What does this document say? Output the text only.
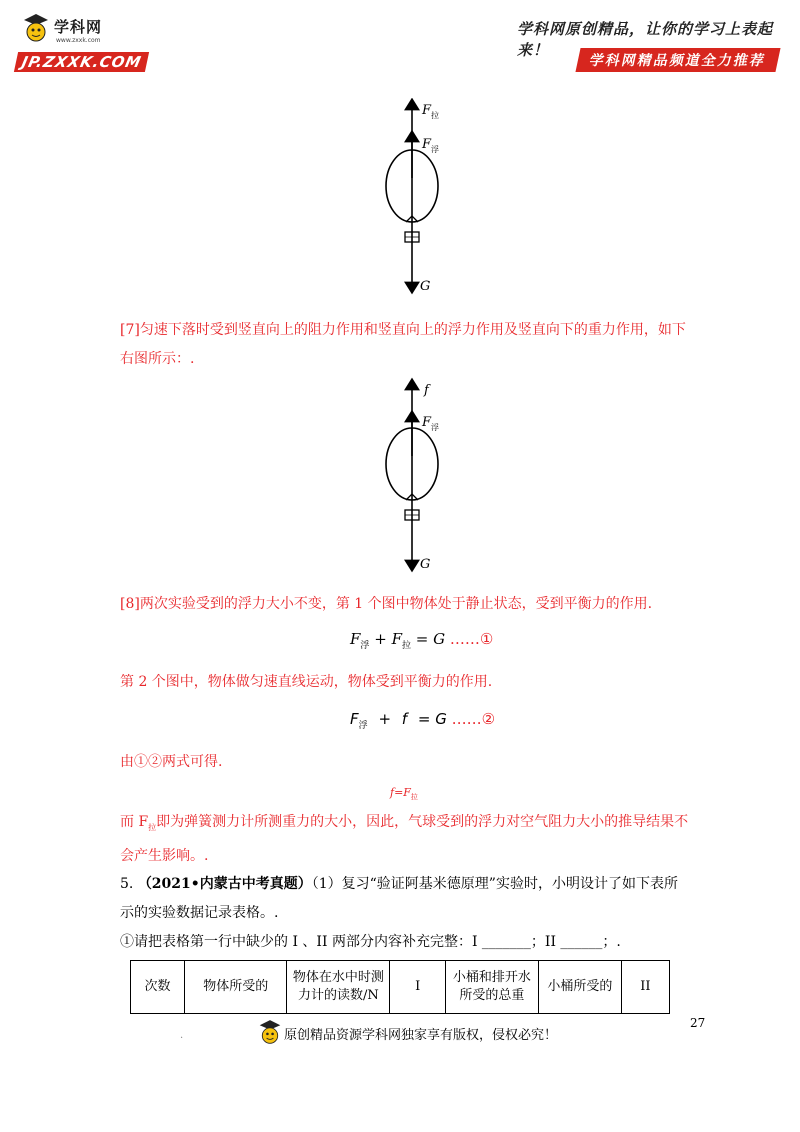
学科网
www.zxxk.com
JP.ZXXK.COM
学科网原创精品，让你的学习上表起来！
学科网精品频道全力推荐
F 拉
F 浮
G
[7]匀速下落时受到竖直向上的阻力作用和竖直向上的浮力作用及竖直向下的重力作用，如下右图所示：.
f
F 浮
G
[8]两次实验受到的浮力大小不变，第 1 个图中物体处于静止状态，受到平衡力的作用.
$F_浮 + F_拉 = G$ ……①
第 2 个图中，物体做匀速直线运动，物体受到平衡力的作用.
$F_浮 + f = G$ ……②
由①②两式可得.
$f=F_拉$
而 $F_拉$即为弹簧测力计所测重力的大小，因此，气球受到的浮力对空气阻力大小的推导结果不
会产生影响。.
5. （2021•内蒙古中考真题）（1）复习“验证阿基米德原理”实验时，小明设计了如下表所
示的实验数据记录表格。.
①请把表格第一行中缺少的 I 、II 两部分内容补充完整：I _______；II ______；.
次数	物体所受的	物体在水中时测力计的读数/N	I	小桶和排开水所受的总重	小桶所受的	II
27
.	原创精品资源学科网独家享有版权，侵权必究！
